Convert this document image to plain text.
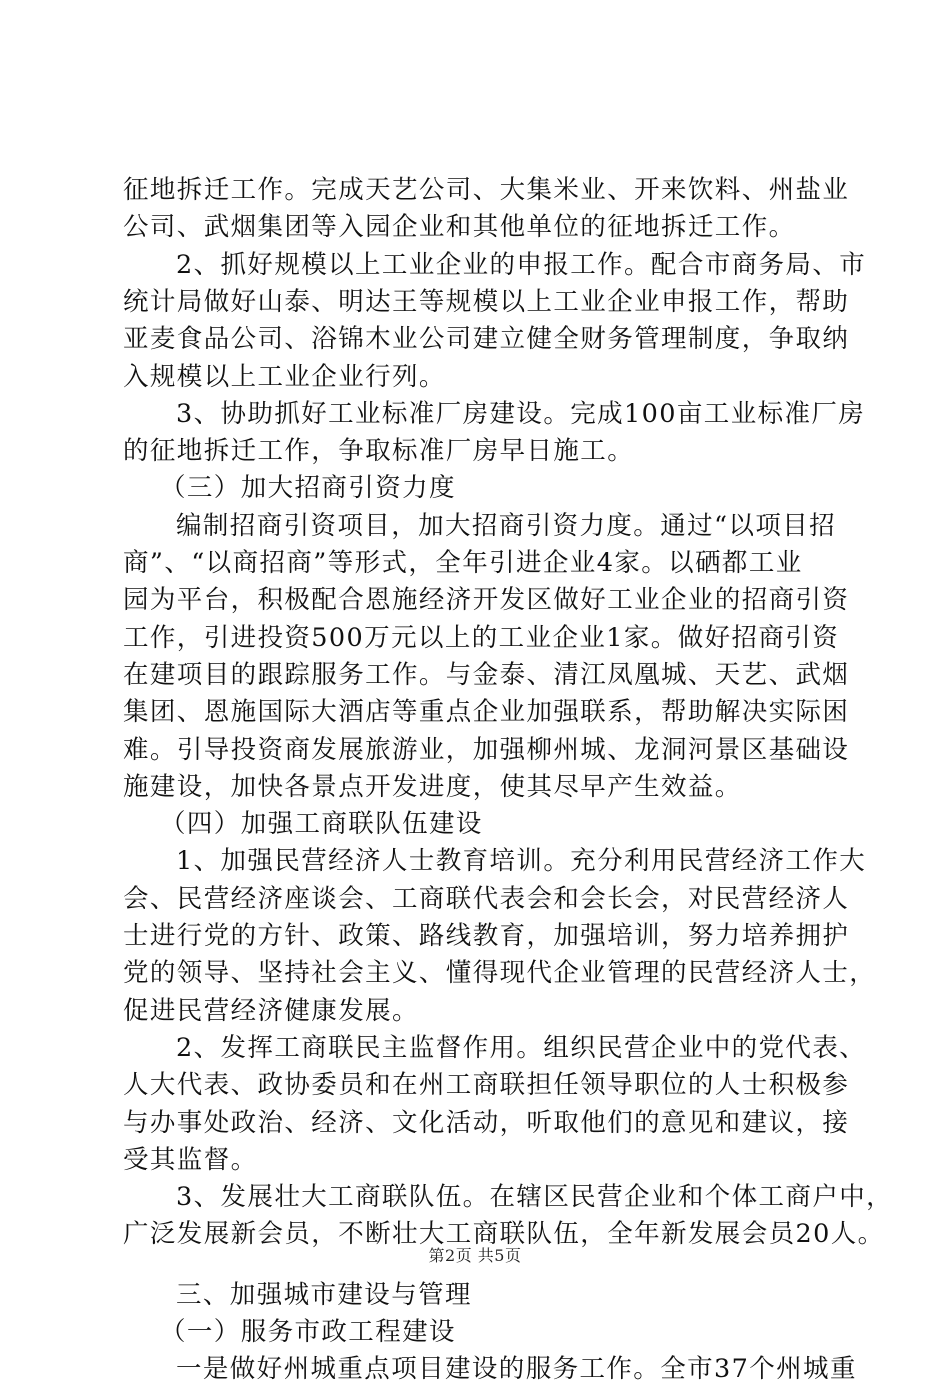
征地拆迁工作。完成天艺公司、大集米业、开来饮料、州盐业
公司、武烟集团等入园企业和其他单位的征地拆迁工作。
2、抓好规模以上工业企业的申报工作。配合市商务局、市
统计局做好山泰、明达王等规模以上工业企业申报工作，帮助
亚麦食品公司、浴锦木业公司建立健全财务管理制度，争取纳
入规模以上工业企业行列。
3、协助抓好工业标准厂房建设。完成100亩工业标准厂房
的征地拆迁工作，争取标准厂房早日施工。
（三）加大招商引资力度
编制招商引资项目，加大招商引资力度。通过“以项目招
商”、“以商招商”等形式，全年引进企业4家。以硒都工业
园为平台，积极配合恩施经济开发区做好工业企业的招商引资
工作，引进投资500万元以上的工业企业1家。做好招商引资
在建项目的跟踪服务工作。与金泰、清江凤凰城、天艺、武烟
集团、恩施国际大酒店等重点企业加强联系，帮助解决实际困
难。引导投资商发展旅游业，加强柳州城、龙洞河景区基础设
施建设，加快各景点开发进度，使其尽早产生效益。
（四）加强工商联队伍建设
1、加强民营经济人士教育培训。充分利用民营经济工作大
会、民营经济座谈会、工商联代表会和会长会，对民营经济人
士进行党的方针、政策、路线教育，加强培训，努力培养拥护
党的领导、坚持社会主义、懂得现代企业管理的民营经济人士，
促进民营经济健康发展。
2、发挥工商联民主监督作用。组织民营企业中的党代表、
人大代表、政协委员和在州工商联担任领导职位的人士积极参
与办事处政治、经济、文化活动，听取他们的意见和建议，接
受其监督。
3、发展壮大工商联队伍。在辖区民营企业和个体工商户中，
广泛发展新会员，不断壮大工商联队伍，全年新发展会员20人。
三、加强城市建设与管理
（一）服务市政工程建设
一是做好州城重点项目建设的服务工作。全市37个州城重
第2页 共5页
